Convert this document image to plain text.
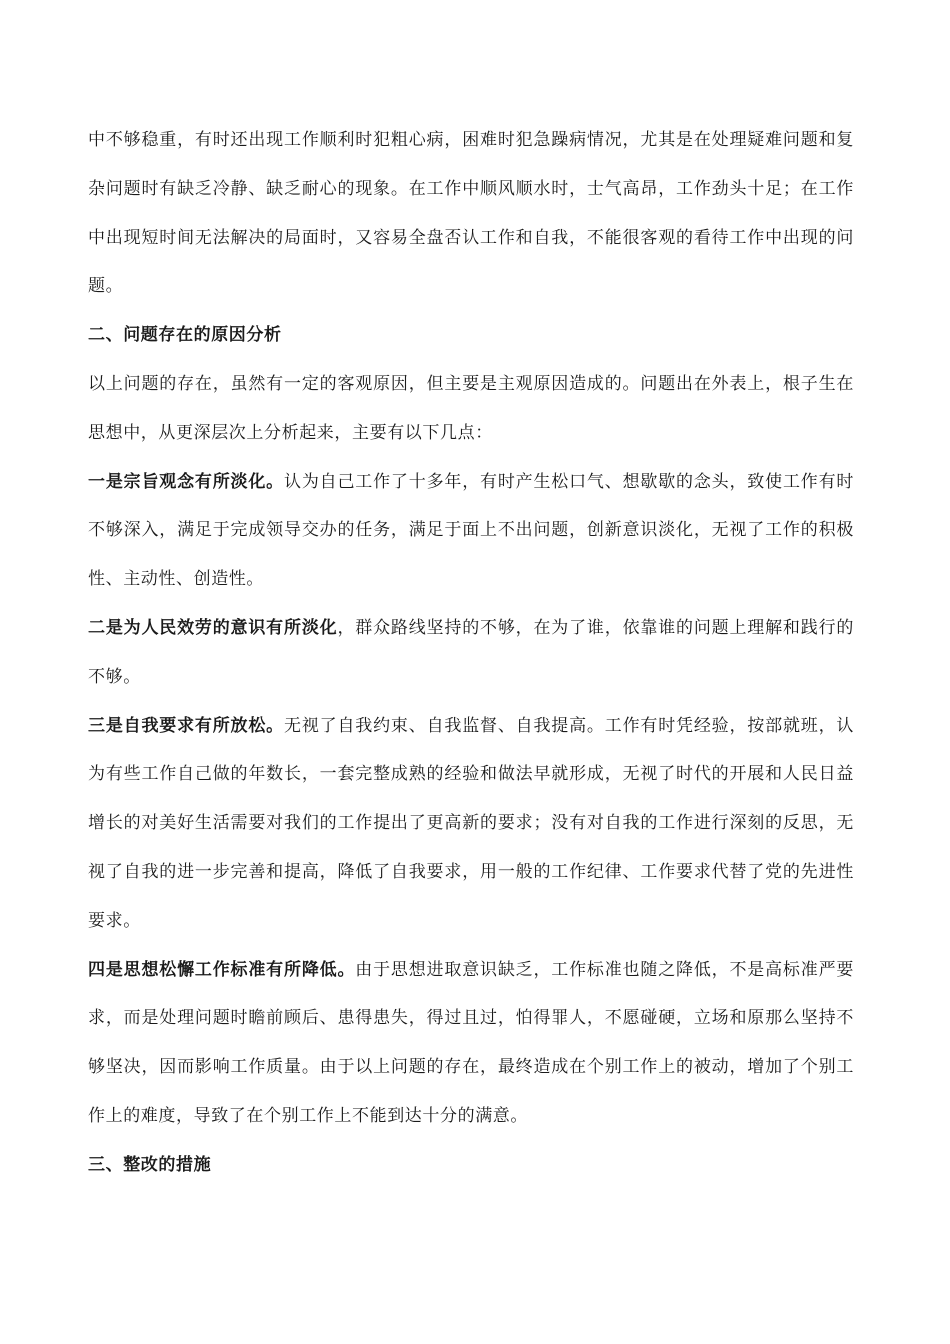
中不够稳重，有时还出现工作顺利时犯粗心病，困难时犯急躁病情况，尤其是在处理疑难问题和复杂问题时有缺乏冷静、缺乏耐心的现象。在工作中顺风顺水时，士气高昂，工作劲头十足；在工作中出现短时间无法解决的局面时，又容易全盘否认工作和自我，不能很客观的看待工作中出现的问题。

二、问题存在的原因分析

以上问题的存在，虽然有一定的客观原因，但主要是主观原因造成的。问题出在外表上，根子生在思想中，从更深层次上分析起来，主要有以下几点：

一是宗旨观念有所淡化。认为自己工作了十多年，有时产生松口气、想歇歇的念头，致使工作有时不够深入，满足于完成领导交办的任务，满足于面上不出问题，创新意识淡化，无视了工作的积极性、主动性、创造性。

二是为人民效劳的意识有所淡化，群众路线坚持的不够，在为了谁，依靠谁的问题上理解和践行的不够。

三是自我要求有所放松。无视了自我约束、自我监督、自我提高。工作有时凭经验，按部就班，认为有些工作自己做的年数长，一套完整成熟的经验和做法早就形成，无视了时代的开展和人民日益增长的对美好生活需要对我们的工作提出了更高新的要求；没有对自我的工作进行深刻的反思，无视了自我的进一步完善和提高，降低了自我要求，用一般的工作纪律、工作要求代替了党的先进性要求。

四是思想松懈工作标准有所降低。由于思想进取意识缺乏，工作标准也随之降低，不是高标准严要求，而是处理问题时瞻前顾后、患得患失，得过且过，怕得罪人，不愿碰硬，立场和原那么坚持不够坚决，因而影响工作质量。由于以上问题的存在，最终造成在个别工作上的被动，增加了个别工作上的难度，导致了在个别工作上不能到达十分的满意。

三、整改的措施
